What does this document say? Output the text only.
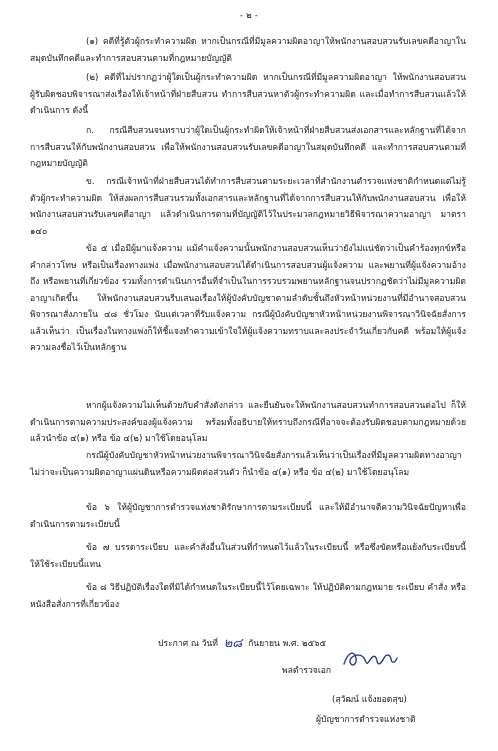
- ๒ -
(๑) คดีที่รู้ตัวผู้กระทำความผิด หากเป็นกรณีที่มีมูลความผิดอาญาให้พนักงานสอบสวนรับเลขคดีอาญาในสมุดบันทึกคดีและทำการสอบสวนตามที่กฎหมายบัญญัติ
(๒) คดีที่ไม่ปรากฏว่าผู้ใดเป็นผู้กระทำความผิด หากเป็นกรณีที่มีมูลความผิดอาญา ให้พนักงานสอบสวนผู้รับผิดชอบพิจารณาส่งเรื่องให้เจ้าหน้าที่ฝ่ายสืบสวน ทำการสืบสวนหาตัวผู้กระทำความผิด และเมื่อทำการสืบสวนแล้วให้ดำเนินการ ดังนี้
ก. กรณีสืบสวนจนทราบว่าผู้ใดเป็นผู้กระทำผิดให้เจ้าหน้าที่ฝ่ายสืบสวนส่งเอกสารและหลักฐานที่ได้จากการสืบสวนให้กับพนักงานสอบสวน เพื่อให้พนักงานสอบสวนรับเลขคดีอาญาในสมุดบันทึกคดี และทำการสอบสวนตามที่กฎหมายบัญญัติ
ข. กรณีเจ้าหน้าที่ฝ่ายสืบสวนได้ทำการสืบสวนตามระยะเวลาที่สำนักงานตำรวจแห่งชาติกำหนดแต่ไม่รู้ตัวผู้กระทำความผิด ให้ส่งผลการสืบสวนรวมทั้งเอกสารและหลักฐานที่ได้จากการสืบสวนให้กับพนักงานสอบสวน เพื่อให้พนักงานสอบสวนรับเลขคดีอาญา แล้วดำเนินการตามที่บัญญัติไว้ในประมวลกฎหมายวิธีพิจารณาความอาญา มาตรา ๑๔๐
ข้อ ๕ เมื่อมีผู้มาแจ้งความ แม้คำแจ้งความนั้นพนักงานสอบสวนเห็นว่ายังไม่แน่ชัดว่าเป็นคำร้องทุกข์หรือคำกล่าวโทษ หรือเป็นเรื่องทางแพ่ง เมื่อพนักงานสอบสวนได้ดำเนินการสอบสวนผู้แจ้งความ และพยานที่ผู้แจ้งความอ้างถึง หรือพยานที่เกี่ยวข้อง รวมทั้งการดำเนินการอื่นที่จำเป็นในการรวบรวมพยานหลักฐานจนปรากฏชัดว่าไม่มีมูลความผิดอาญาเกิดขึ้น ให้พนักงานสอบสวนรีบเสนอเรื่องให้ผู้บังคับบัญชาตามลำดับชั้นถึงหัวหน้าหน่วยงานที่มีอำนาจสอบสวน พิจารณาสั่งภายใน ๔๘ ชั่วโมง นับแต่เวลาที่รับแจ้งความ กรณีผู้บังคับบัญชาหัวหน้าหน่วยงานพิจารณาวินิจฉัยสั่งการแล้วเห็นว่า เป็นเรื่องในทางแพ่งก็ให้ชี้แจงทำความเข้าใจให้ผู้แจ้งความทราบและลงประจำวันเกี่ยวกับคดี พร้อมให้ผู้แจ้งความลงชื่อไว้เป็นหลักฐาน
หากผู้แจ้งความไม่เห็นด้วยกับคำสั่งดังกล่าว และยืนยันจะให้พนักงานสอบสวนทำการสอบสวนต่อไป ก็ให้ดำเนินการตามความประสงค์ของผู้แจ้งความ พร้อมทั้งอธิบายให้ทราบถึงกรณีที่อาจจะต้องรับผิดชอบตามกฎหมายด้วย แล้วนำข้อ ๔(๑) หรือ ข้อ ๔(๒) มาใช้โดยอนุโลม
กรณีผู้บังคับบัญชาหัวหน้าหน่วยงานพิจารณาวินิจฉัยสั่งการแล้วเห็นว่าเป็นเรื่องที่มีมูลความผิดทางอาญา ไม่ว่าจะเป็นความผิดอาญาแผ่นดินหรือความผิดต่อส่วนตัว ก็นำข้อ ๔(๑) หรือ ข้อ ๔(๒) มาใช้โดยอนุโลม
ข้อ ๖ ให้ผู้บัญชาการตำรวจแห่งชาติรักษาการตามระเบียบนี้ และให้มีอำนาจตีความวินิจฉัยปัญหาเพื่อดำเนินการตามระเบียบนี้
ข้อ ๗ บรรดาระเบียบ และคำสั่งอื่นในส่วนที่กำหนดไว้แล้วในระเบียบนี้ หรือซึ่งขัดหรือแย้งกับระเบียบนี้ ให้ใช้ระเบียบนี้แทน
ข้อ ๘ วิธีปฏิบัติเรื่องใดที่มิได้กำหนดในระเบียบนี้ไว้โดยเฉพาะ ให้ปฏิบัติตามกฎหมาย ระเบียบ คำสั่ง หรือหนังสือสั่งการที่เกี่ยวข้อง
ประกาศ ณ วันที่ ๒๘ กันยายน พ.ศ. ๒๕๖๕
พลตำรวจเอก
(สุวัฒน์ แจ้งยอดสุข)
ผู้บัญชาการตำรวจแห่งชาติ
